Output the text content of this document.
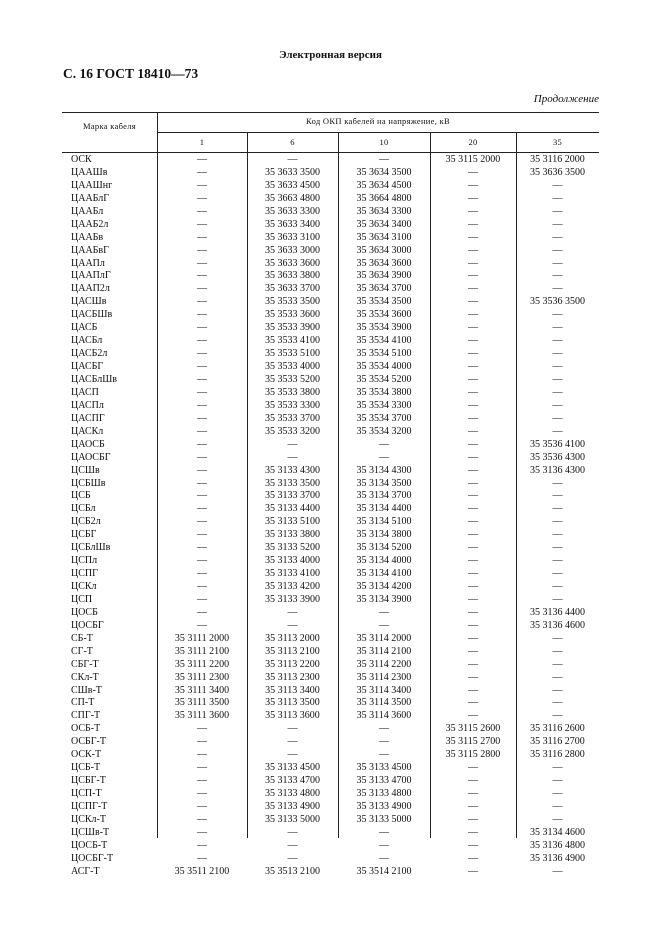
Электронная версия
С. 16 ГОСТ 18410—73
Продолжение
Марка кабеля	Код ОКП кабелей на напряжение, кВ
1	6	10	20	35
ОСК	—	—	—	35 3115 2000	35 3116 2000
ЦААШв	—	35 3633 3500	35 3634 3500	—	35 3636 3500
ЦААШнг	—	35 3633 4500	35 3634 4500	—	—
ЦААБлГ	—	35 3663 4800	35 3664 4800	—	—
ЦААБл	—	35 3633 3300	35 3634 3300	—	—
ЦААБ2л	—	35 3633 3400	35 3634 3400	—	—
ЦААБв	—	35 3633 3100	35 3634 3100	—	—
ЦААБвГ	—	35 3633 3000	35 3634 3000	—	—
ЦААПл	—	35 3633 3600	35 3634 3600	—	—
ЦААПлГ	—	35 3633 3800	35 3634 3900	—	—
ЦААП2л	—	35 3633 3700	35 3634 3700	—	—
ЦАСШв	—	35 3533 3500	35 3534 3500	—	35 3536 3500
ЦАСБШв	—	35 3533 3600	35 3534 3600	—	—
ЦАСБ	—	35 3533 3900	35 3534 3900	—	—
ЦАСБл	—	35 3533 4100	35 3534 4100	—	—
ЦАСБ2л	—	35 3533 5100	35 3534 5100	—	—
ЦАСБГ	—	35 3533 4000	35 3534 4000	—	—
ЦАСБлШв	—	35 3533 5200	35 3534 5200	—	—
ЦАСП	—	35 3533 3800	35 3534 3800	—	—
ЦАСПл	—	35 3533 3300	35 3534 3300	—	—
ЦАСПГ	—	35 3533 3700	35 3534 3700	—	—
ЦАСКл	—	35 3533 3200	35 3534 3200	—	—
ЦАОСБ	—	—	—	—	35 3536 4100
ЦАОСБГ	—	—	—	—	35 3536 4300
ЦСШв	—	35 3133 4300	35 3134 4300	—	35 3136 4300
ЦСБШв	—	35 3133 3500	35 3134 3500	—	—
ЦСБ	—	35 3133 3700	35 3134 3700	—	—
ЦСБл	—	35 3133 4400	35 3134 4400	—	—
ЦСБ2л	—	35 3133 5100	35 3134 5100	—	—
ЦСБГ	—	35 3133 3800	35 3134 3800	—	—
ЦСБлШв	—	35 3133 5200	35 3134 5200	—	—
ЦСПл	—	35 3133 4000	35 3134 4000	—	—
ЦСПГ	—	35 3133 4100	35 3134 4100	—	—
ЦСКл	—	35 3133 4200	35 3134 4200	—	—
ЦСП	—	35 3133 3900	35 3134 3900	—	—
ЦОСБ	—	—	—	—	35 3136 4400
ЦОСБГ	—	—	—	—	35 3136 4600
СБ-Т	35 3111 2000	35 3113 2000	35 3114 2000	—	—
СГ-Т	35 3111 2100	35 3113 2100	35 3114 2100	—	—
СБГ-Т	35 3111 2200	35 3113 2200	35 3114 2200	—	—
СКл-Т	35 3111 2300	35 3113 2300	35 3114 2300	—	—
СШв-Т	35 3111 3400	35 3113 3400	35 3114 3400	—	—
СП-Т	35 3111 3500	35 3113 3500	35 3114 3500	—	—
СПГ-Т	35 3111 3600	35 3113 3600	35 3114 3600	—	—
ОСБ-Т	—	—	—	35 3115 2600	35 3116 2600
ОСБГ-Т	—	—	—	35 3115 2700	35 3116 2700
ОСК-Т	—	—	—	35 3115 2800	35 3116 2800
ЦСБ-Т	—	35 3133 4500	35 3133 4500	—	—
ЦСБГ-Т	—	35 3133 4700	35 3133 4700	—	—
ЦСП-Т	—	35 3133 4800	35 3133 4800	—	—
ЦСПГ-Т	—	35 3133 4900	35 3133 4900	—	—
ЦСКл-Т	—	35 3133 5000	35 3133 5000	—	—
ЦСШв-Т	—	—	—	—	35 3134 4600
ЦОСБ-Т	—	—	—	—	35 3136 4800
ЦОСБГ-Т	—	—	—	—	35 3136 4900
АСГ-Т	35 3511 2100	35 3513 2100	35 3514 2100	—	—
